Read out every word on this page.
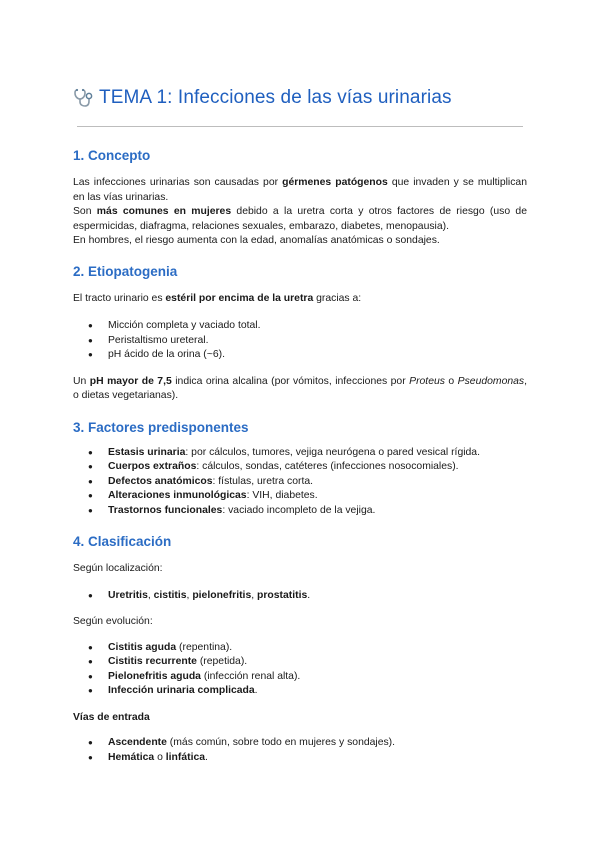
TEMA 1: Infecciones de las vías urinarias
1. Concepto

Las infecciones urinarias son causadas por gérmenes patógenos que invaden y se multiplican en las vías urinarias.

Son más comunes en mujeres debido a la uretra corta y otros factores de riesgo (uso de espermicidas, diafragma, relaciones sexuales, embarazo, diabetes, menopausia).

En hombres, el riesgo aumenta con la edad, anomalías anatómicas o sondajes.

2. Etiopatogenia

El tracto urinario es estéril por encima de la uretra gracias a:

● Micción completa y vaciado total.
● Peristaltismo ureteral.
● pH ácido de la orina (~6).

Un pH mayor de 7,5 indica orina alcalina (por vómitos, infecciones por Proteus o Pseudomonas, o dietas vegetarianas).

3. Factores predisponentes
● Estasis urinaria: por cálculos, tumores, vejiga neurógena o pared vesical rígida.
● Cuerpos extraños: cálculos, sondas, catéteres (infecciones nosocomiales).
● Defectos anatómicos: fístulas, uretra corta.
● Alteraciones inmunológicas: VIH, diabetes.
● Trastornos funcionales: vaciado incompleto de la vejiga.
4. Clasificación

Según localización:

● Uretritis, cistitis, pielonefritis, prostatitis.

Según evolución:

● Cistitis aguda (repentina).
● Cistitis recurrente (repetida).
● Pielonefritis aguda (infección renal alta).
● Infección urinaria complicada.

Vías de entrada

● Ascendente (más común, sobre todo en mujeres y sondajes).
● Hemática o linfática.
